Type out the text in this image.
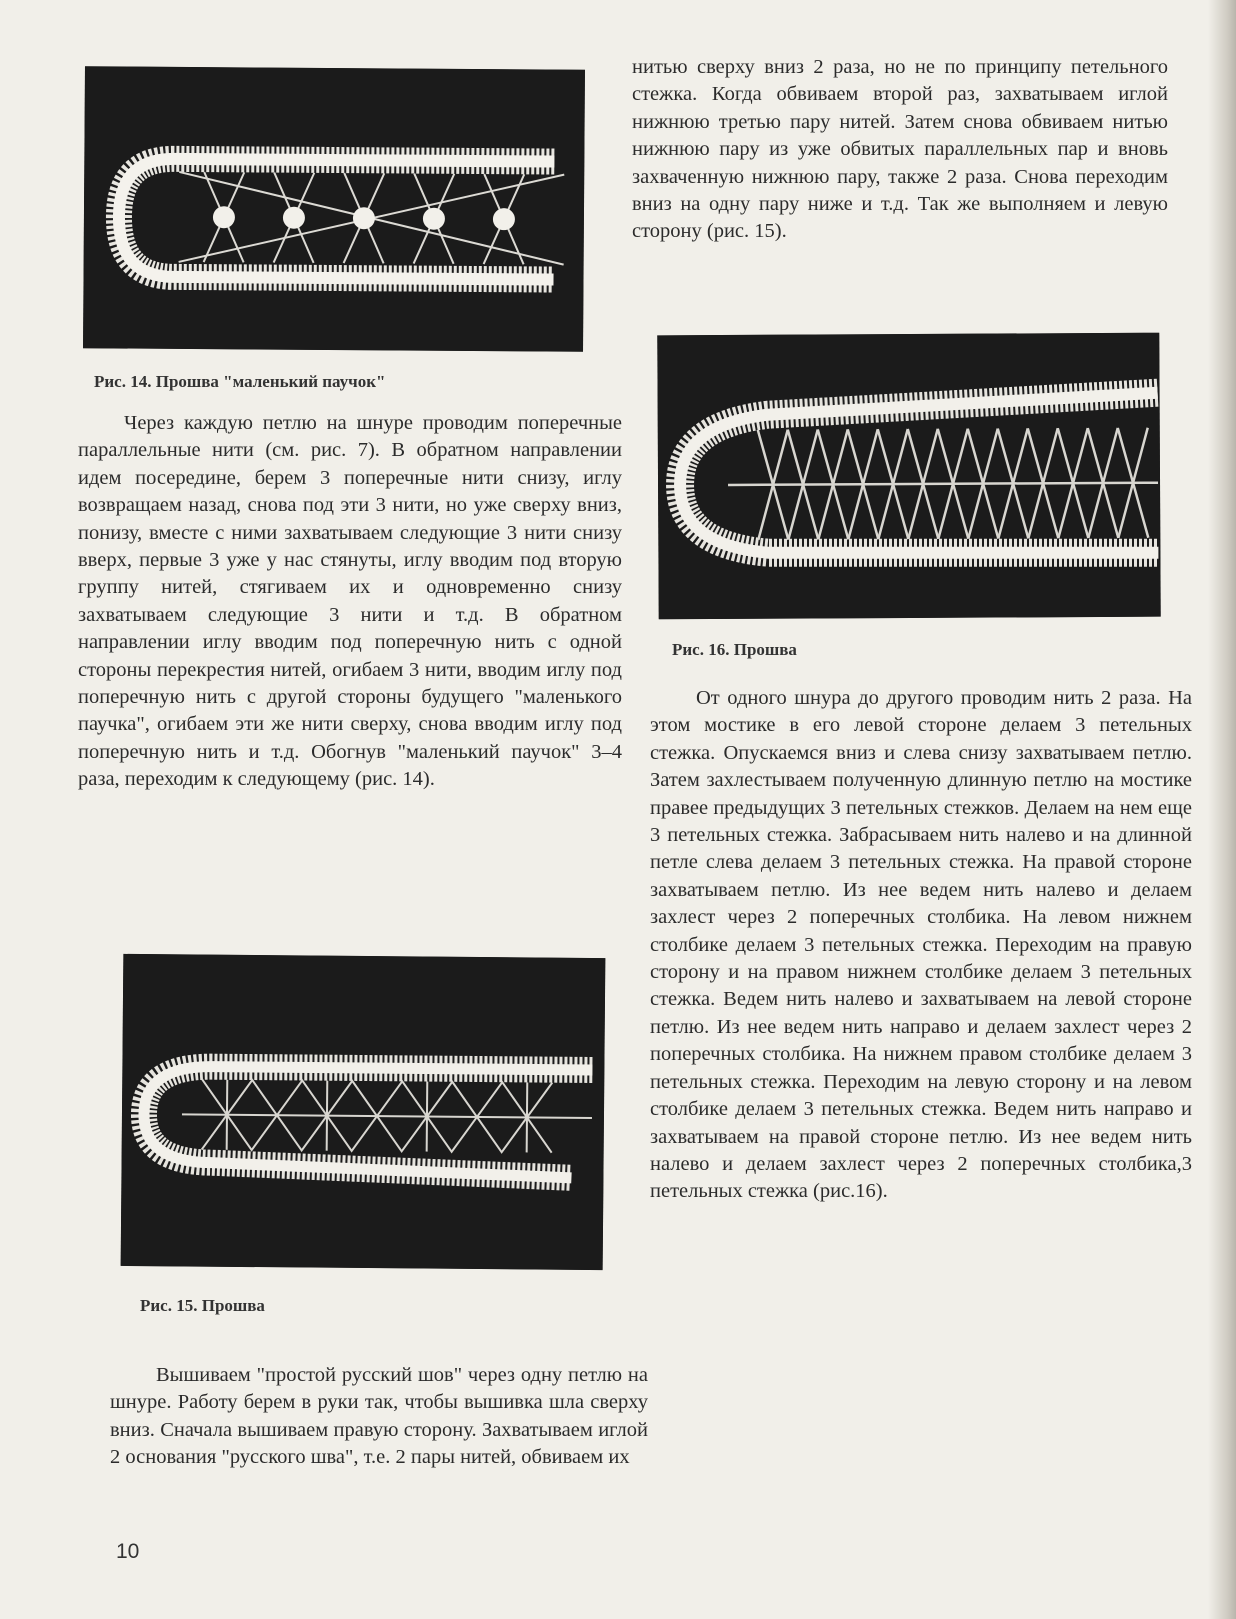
Рис. 14. Прошва "маленький паучок"
Рис. 16. Прошва
Рис. 15. Прошва

нитью сверху вниз 2 раза, но не по принципу петельного стежка. Когда обвиваем второй раз, захватываем иглой нижнюю третью пару нитей. Затем снова обвиваем нитью нижнюю пару из уже обвитых параллельных пар и вновь захваченную нижнюю пару, также 2 раза. Снова переходим вниз на одну пару ниже и т.д. Так же выполняем и левую сторону (рис. 15).

Через каждую петлю на шнуре проводим поперечные параллельные нити (см. рис. 7). В обратном направлении идем посередине, берем 3 поперечные нити снизу, иглу возвращаем назад, снова под эти 3 нити, но уже сверху вниз, понизу, вместе с ними захватываем следующие 3 нити снизу вверх, первые 3 уже у нас стянуты, иглу вводим под вторую группу нитей, стягиваем их и одновременно снизу захватываем следующие 3 нити и т.д. В обратном направлении иглу вводим под поперечную нить с одной стороны перекрестия нитей, огибаем 3 нити, вводим иглу под поперечную нить с другой стороны будущего "маленького паучка", огибаем эти же нити сверху, снова вводим иглу под поперечную нить и т.д. Обогнув "маленький паучок" 3–4 раза, переходим к следующему (рис. 14).

От одного шнура до другого проводим нить 2 раза. На этом мостике в его левой стороне делаем 3 петельных стежка. Опускаемся вниз и слева снизу захватываем петлю. Затем захлестываем полученную длинную петлю на мостике правее предыдущих 3 петельных стежков. Делаем на нем еще 3 петельных стежка. Забрасываем нить налево и на длинной петле слева делаем 3 петельных стежка. На правой стороне захватываем петлю. Из нее ведем нить налево и делаем захлест через 2 поперечных столбика. На левом нижнем столбике делаем 3 петельных стежка. Переходим на правую сторону и на правом нижнем столбике делаем 3 петельных стежка. Ведем нить налево и захватываем на левой стороне петлю. Из нее ведем нить направо и делаем захлест через 2 поперечных столбика. На нижнем правом столбике делаем 3 петельных стежка. Переходим на левую сторону и на левом столбике делаем 3 петельных стежка. Ведем нить направо и захватываем на правой стороне петлю. Из нее ведем нить налево и делаем захлест через 2 поперечных столбика,3 петельных стежка (рис.16).

Вышиваем "простой русский шов" через одну петлю на шнуре. Работу берем в руки так, чтобы вышивка шла сверху вниз. Сначала вышиваем правую сторону. Захватываем иглой 2 основания "русского шва", т.е. 2 пары нитей, обвиваем их

10
